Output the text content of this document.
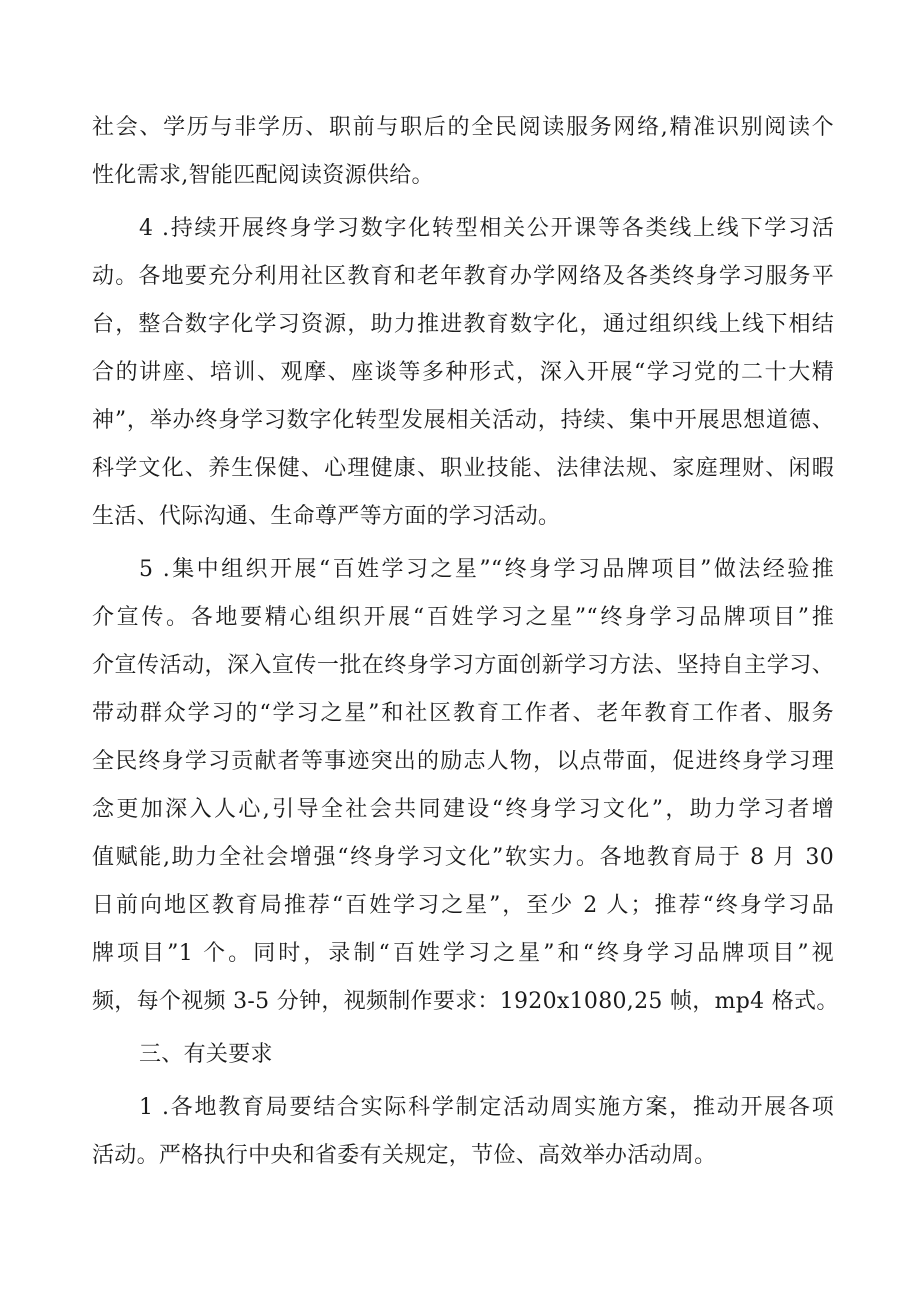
社会、学历与非学历、职前与职后的全民阅读服务网络,精准识别阅读个
性化需求,智能匹配阅读资源供给。
4 .持续开展终身学习数字化转型相关公开课等各类线上线下学习活
动。各地要充分利用社区教育和老年教育办学网络及各类终身学习服务平
台，整合数字化学习资源，助力推进教育数字化，通过组织线上线下相结
合的讲座、培训、观摩、座谈等多种形式，深入开展“学习党的二十大精
神”，举办终身学习数字化转型发展相关活动，持续、集中开展思想道德、
科学文化、养生保健、心理健康、职业技能、法律法规、家庭理财、闲暇
生活、代际沟通、生命尊严等方面的学习活动。
5 .集中组织开展“百姓学习之星”“终身学习品牌项目”做法经验推
介宣传。各地要精心组织开展“百姓学习之星”“终身学习品牌项目”推
介宣传活动，深入宣传一批在终身学习方面创新学习方法、坚持自主学习、
带动群众学习的“学习之星”和社区教育工作者、老年教育工作者、服务
全民终身学习贡献者等事迹突出的励志人物，以点带面，促进终身学习理
念更加深入人心,引导全社会共同建设“终身学习文化”，助力学习者增
值赋能,助力全社会增强“终身学习文化”软实力。各地教育局于 8 月 30
日前向地区教育局推荐“百姓学习之星”，至少 2 人；推荐“终身学习品
牌项目”1 个。同时，录制“百姓学习之星”和“终身学习品牌项目”视
频，每个视频 3-5 分钟，视频制作要求：1920x1080,25 帧，mp4 格式。
三、有关要求
1 .各地教育局要结合实际科学制定活动周实施方案，推动开展各项
活动。严格执行中央和省委有关规定，节俭、高效举办活动周。
